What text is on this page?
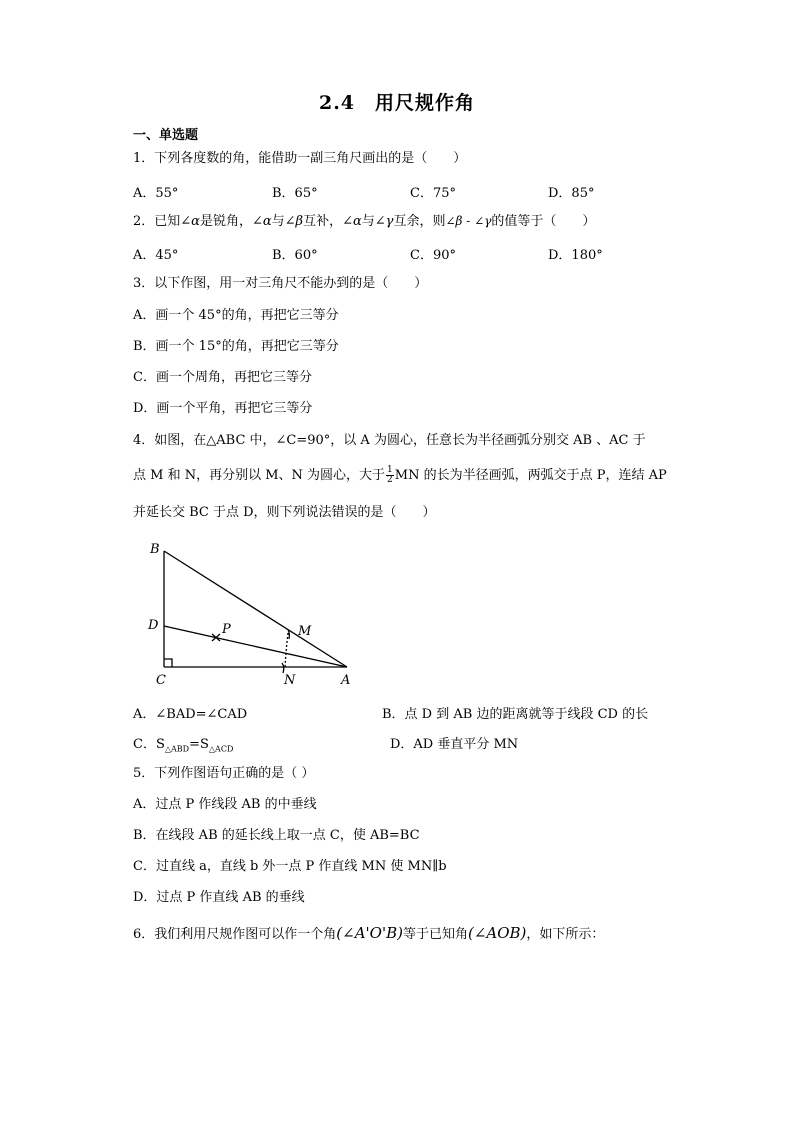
2.4　用尺规作角
一、单选题
1．下列各度数的角，能借助一副三角尺画出的是（　　）
A．55°	B．65°	C．75°	D．85°
2．已知∠α是锐角，∠α与∠β互补，∠α与∠γ互余，则∠β - ∠γ的值等于（　　）
A．45°	B．60°	C．90°	D．180°
3．以下作图，用一对三角尺不能办到的是（　　）
A．画一个 45°的角，再把它三等分
B．画一个 15°的角，再把它三等分
C．画一个周角，再把它三等分
D．画一个平角，再把它三等分
4．如图，在△ABC 中，∠C=90°，以 A 为圆心，任意长为半径画弧分别交 AB 、AC 于
点 M 和 N，再分别以 M、N 为圆心，大于 $\frac{1}{2}$ MN 的长为半径画弧，两弧交于点 P，连结 AP
并延长交 BC 于点 D，则下列说法错误的是（　　）
B
D
C
P	M
N	A
A．∠BAD=∠CAD	B．点 D 到 AB 边的距离就等于线段 CD 的长
C．$S_{\triangle ABD}=S_{\triangle ACD}$	D．AD 垂直平分 MN
5．下列作图语句正确的是（ ）
A．过点 P 作线段 AB 的中垂线
B．在线段 AB 的延长线上取一点 C，使 AB=BC
C．过直线 a，直线 b 外一点 P 作直线 MN 使 MN∥b
D．过点 P 作直线 AB 的垂线
6．我们利用尺规作图可以作一个角(∠A'O'B)等于已知角(∠AOB)，如下所示：
